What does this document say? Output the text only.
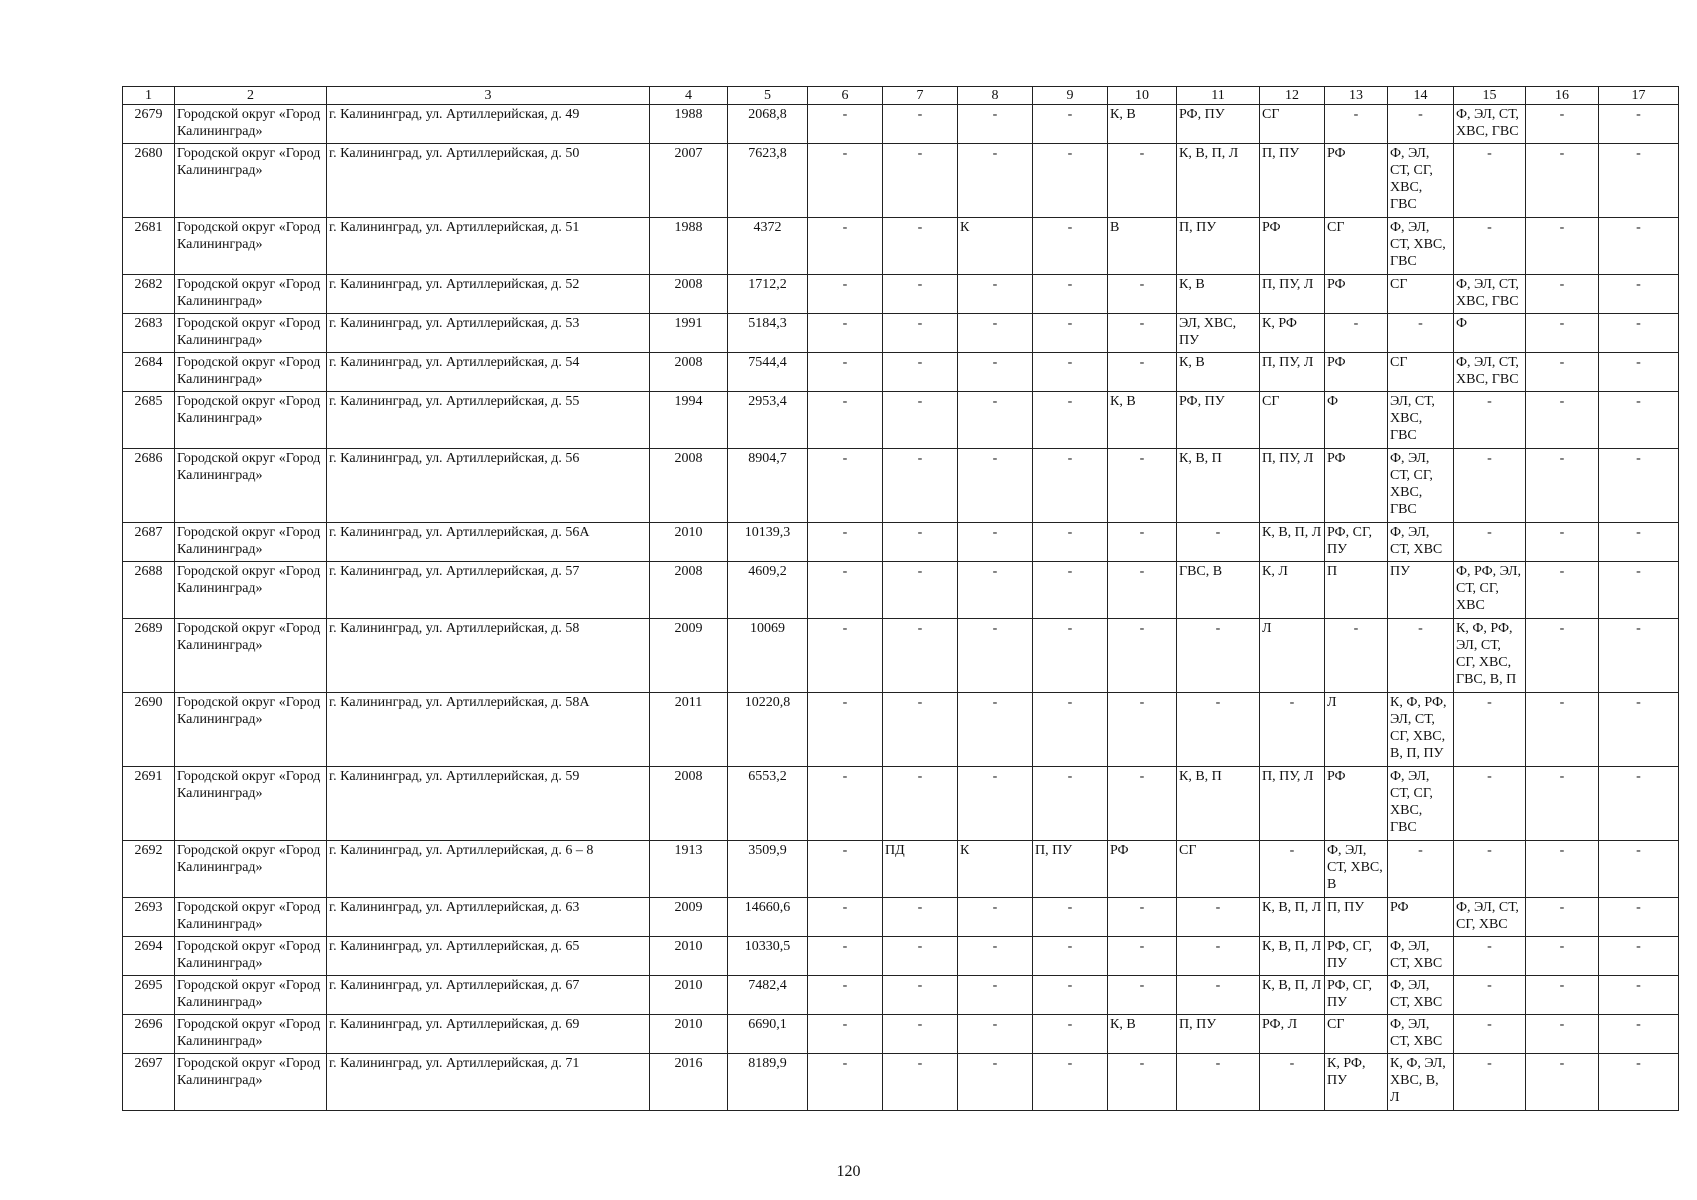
1	2	3	4	5	6	7	8	9	10	11	12	13	14	15	16	17
2679	Городской округ «Город Калининград»	г. Калининград, ул. Артиллерийская, д. 49	1988	2068,8	-	-	-	-	К, В	РФ, ПУ	СГ	-	-	Ф, ЭЛ, СТ, ХВС, ГВС	-	-
2680	Городской округ «Город Калининград»	г. Калининград, ул. Артиллерийская, д. 50	2007	7623,8	-	-	-	-	-	К, В, П, Л	П, ПУ	РФ	Ф, ЭЛ, СТ, СГ, ХВС, ГВС	-	-	-
2681	Городской округ «Город Калининград»	г. Калининград, ул. Артиллерийская, д. 51	1988	4372	-	-	К	-	В	П, ПУ	РФ	СГ	Ф, ЭЛ, СТ, ХВС, ГВС	-	-	-
2682	Городской округ «Город Калининград»	г. Калининград, ул. Артиллерийская, д. 52	2008	1712,2	-	-	-	-	-	К, В	П, ПУ, Л	РФ	СГ	Ф, ЭЛ, СТ, ХВС, ГВС	-	-
2683	Городской округ «Город Калининград»	г. Калининград, ул. Артиллерийская, д. 53	1991	5184,3	-	-	-	-	-	ЭЛ, ХВС, ПУ	К, РФ	-	-	Ф	-	-
2684	Городской округ «Город Калининград»	г. Калининград, ул. Артиллерийская, д. 54	2008	7544,4	-	-	-	-	-	К, В	П, ПУ, Л	РФ	СГ	Ф, ЭЛ, СТ, ХВС, ГВС	-	-
2685	Городской округ «Город Калининград»	г. Калининград, ул. Артиллерийская, д. 55	1994	2953,4	-	-	-	-	К, В	РФ, ПУ	СГ	Ф	ЭЛ, СТ, ХВС, ГВС	-	-	-
2686	Городской округ «Город Калининград»	г. Калининград, ул. Артиллерийская, д. 56	2008	8904,7	-	-	-	-	-	К, В, П	П, ПУ, Л	РФ	Ф, ЭЛ, СТ, СГ, ХВС, ГВС	-	-	-
2687	Городской округ «Город Калининград»	г. Калининград, ул. Артиллерийская, д. 56А	2010	10139,3	-	-	-	-	-	-	К, В, П, Л	РФ, СГ, ПУ	Ф, ЭЛ, СТ, ХВС	-	-	-
2688	Городской округ «Город Калининград»	г. Калининград, ул. Артиллерийская, д. 57	2008	4609,2	-	-	-	-	-	ГВС, В	К, Л	П	ПУ	Ф, РФ, ЭЛ, СТ, СГ, ХВС	-	-
2689	Городской округ «Город Калининград»	г. Калининград, ул. Артиллерийская, д. 58	2009	10069	-	-	-	-	-	-	Л	-	-	К, Ф, РФ, ЭЛ, СТ, СГ, ХВС, ГВС, В, П	-	-
2690	Городской округ «Город Калининград»	г. Калининград, ул. Артиллерийская, д. 58А	2011	10220,8	-	-	-	-	-	-	-	Л	К, Ф, РФ, ЭЛ, СТ, СГ, ХВС, В, П, ПУ	-	-	-
2691	Городской округ «Город Калининград»	г. Калининград, ул. Артиллерийская, д. 59	2008	6553,2	-	-	-	-	-	К, В, П	П, ПУ, Л	РФ	Ф, ЭЛ, СТ, СГ, ХВС, ГВС	-	-	-
2692	Городской округ «Город Калининград»	г. Калининград, ул. Артиллерийская, д. 6 – 8	1913	3509,9	-	ПД	К	П, ПУ	РФ	СГ	-	Ф, ЭЛ, СТ, ХВС, В	-	-	-	-
2693	Городской округ «Город Калининград»	г. Калининград, ул. Артиллерийская, д. 63	2009	14660,6	-	-	-	-	-	-	К, В, П, Л	П, ПУ	РФ	Ф, ЭЛ, СТ, СГ, ХВС	-	-
2694	Городской округ «Город Калининград»	г. Калининград, ул. Артиллерийская, д. 65	2010	10330,5	-	-	-	-	-	-	К, В, П, Л	РФ, СГ, ПУ	Ф, ЭЛ, СТ, ХВС	-	-	-
2695	Городской округ «Город Калининград»	г. Калининград, ул. Артиллерийская, д. 67	2010	7482,4	-	-	-	-	-	-	К, В, П, Л	РФ, СГ, ПУ	Ф, ЭЛ, СТ, ХВС	-	-	-
2696	Городской округ «Город Калининград»	г. Калининград, ул. Артиллерийская, д. 69	2010	6690,1	-	-	-	-	К, В	П, ПУ	РФ, Л	СГ	Ф, ЭЛ, СТ, ХВС	-	-	-
2697	Городской округ «Город Калининград»	г. Калининград, ул. Артиллерийская, д. 71	2016	8189,9	-	-	-	-	-	-	-	К, РФ, ПУ	К, Ф, ЭЛ, ХВС, В, Л	-	-	-
120
